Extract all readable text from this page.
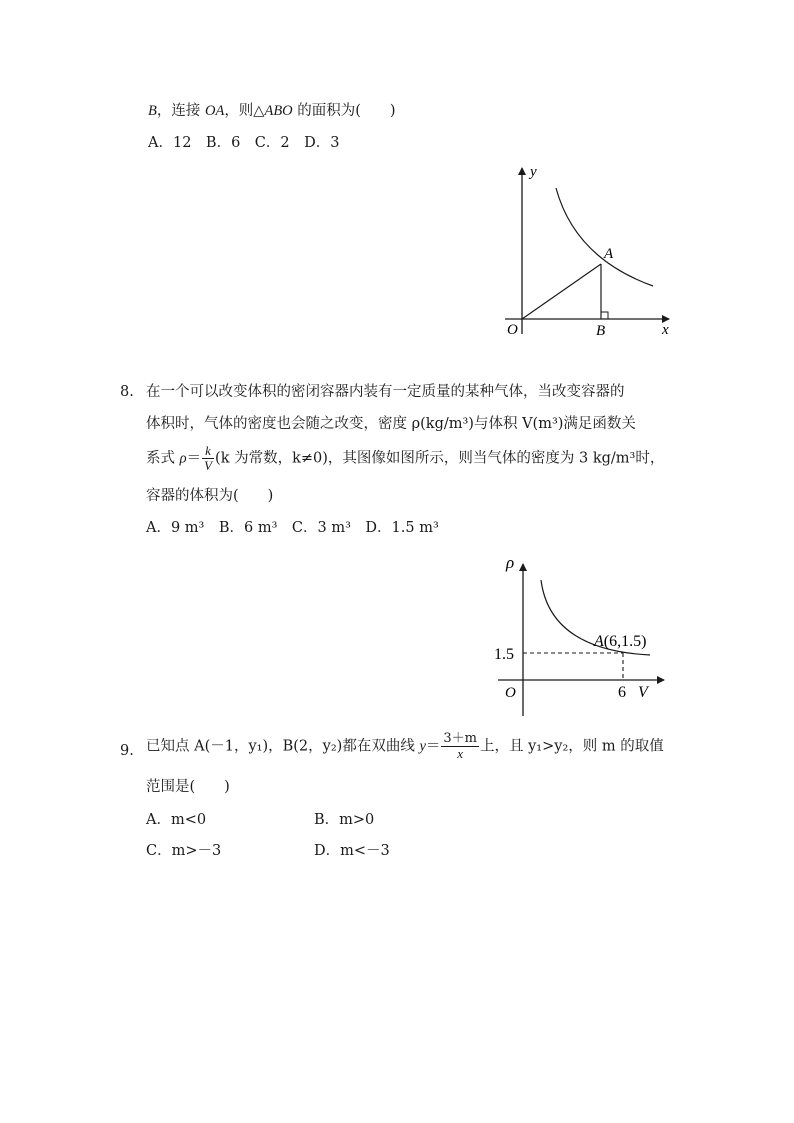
B，连接 OA，则△ABO 的面积为(　　)
A．12　B．6　C．2　D．3
y
x
O
A
B
8. 在一个可以改变体积的密闭容器内装有一定质量的某种气体，当改变容器的
体积时，气体的密度也会随之改变，密度 ρ(kg/m³)与体积 V(m³)满足函数关
系式 $\rho= \frac{k}{V} (k$ 为常数，k≠0)，其图像如图所示，则当气体的密度为 3 kg/m³时，
容器的体积为(　　)
A．9 m³　B．6 m³　C．3 m³　D．1.5 m³
ρ
O	V
1.5
6
A(6,1.5)
9. 已知点 A(－1，y₁)，B(2，y₂)都在双曲线 $y= \frac{3+m}{x}$ 上，且 y₁>y₂，则 m 的取值
范围是(　　)
A．m<0	B．m>0
C．m>－3	D．m<－3
